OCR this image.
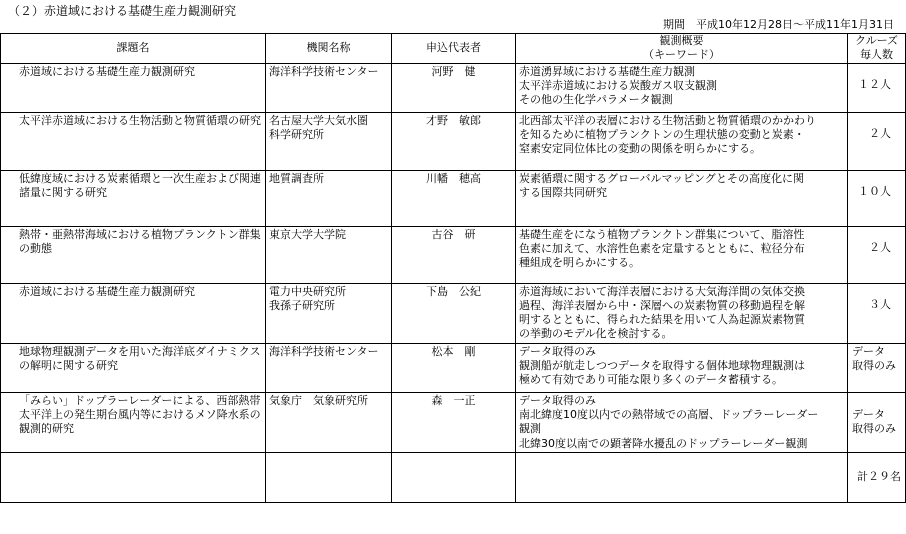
（２）赤道域における基礎生産力観測研究
期間　平成10年12月28日～平成11年1月31日
課題名	機関名称	申込代表者	観測概要
（キーワード）	クルーズ
毎人数

赤道域における基礎生産力観測研究	海洋科学技術センター	河野　健	赤道湧昇域における基礎生産力観測
太平洋赤道域における炭酸ガス収支観測
その他の生化学パラメータ観測	１２人

太平洋赤道域における生物活動と物質循環の研究	名古屋大学大気水圏
科学研究所	才野　敏郎	北西部太平洋の表層における生物活動と物質循環のかかわり
を知るために植物プランクトンの生理状態の変動と炭素・
窒素安定同位体比の変動の関係を明らかにする。	２人

低緯度域における炭素循環と一次生産および関連諸量に関する研究	地質調査所	川幡　穂高	炭素循環に関するグローバルマッピングとその高度化に関
する国際共同研究	１０人

熱帯・亜熱帯海域における植物プランクトン群集の動態	東京大学大学院	古谷　研	基礎生産をになう植物プランクトン群集について、脂溶性
色素に加えて、水溶性色素を定量するとともに、粒径分布
種組成を明らかにする。	２人

赤道域における基礎生産力観測研究	電力中央研究所
我孫子研究所	下島　公紀	赤道海域において海洋表層における大気海洋間の気体交換
過程、海洋表層から中・深層への炭素物質の移動過程を解
明するとともに、得られた結果を用いて人為起源炭素物質
の挙動のモデル化を検討する。	３人

地球物理観測データを用いた海洋底ダイナミクスの解明に関する研究	海洋科学技術センター	松本　剛	データ取得のみ
観測船が航走しつつデータを取得する個体地球物理観測は
極めて有効であり可能な限り多くのデータ蓄積する。	データ
取得のみ

「みらい」ドップラーレーダーによる、西部熱帯太平洋上の発生期台風内等におけるメソ降水系の観測的研究	気象庁　気象研究所	森　一正	データ取得のみ
南北緯度10度以内での熱帯域での高層、ドップラーレーダー
観測
北緯30度以南での顕著降水擾乱のドップラーレーダー観測	データ
取得のみ

				計２９名
